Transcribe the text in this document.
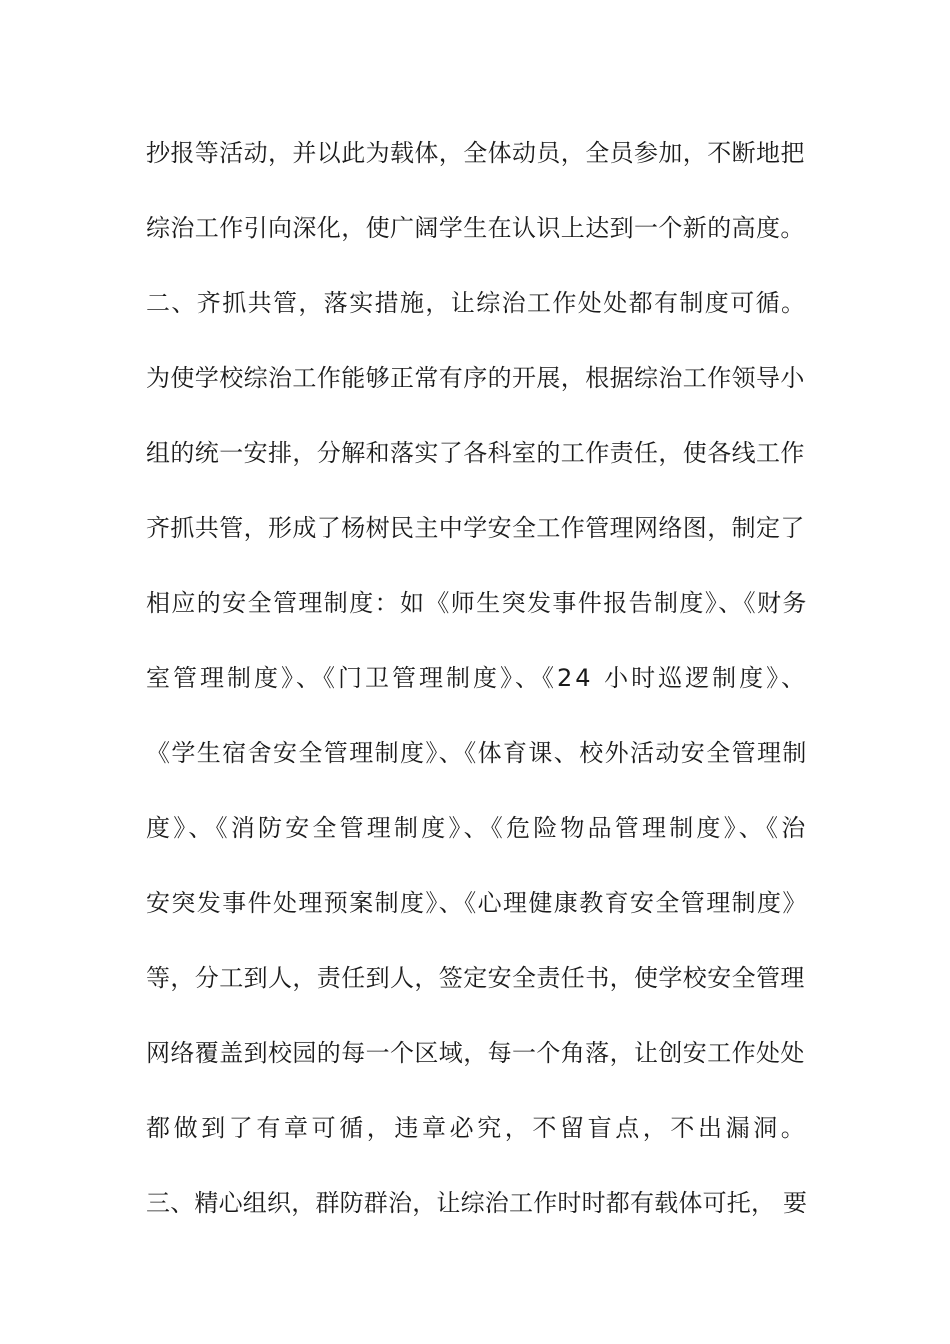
抄报等活动，并以此为载体，全体动员，全员参加，不断地把
综治工作引向深化，使广阔学生在认识上达到一个新的高度。
二、齐抓共管，落实措施，让综治工作处处都有制度可循。
为使学校综治工作能够正常有序的开展，根据综治工作领导小
组的统一安排，分解和落实了各科室的工作责任，使各线工作
齐抓共管，形成了杨树民主中学安全工作管理网络图，制定了
相应的安全管理制度：如《师生突发事件报告制度》、《财务
室管理制度》、《门卫管理制度》、《24 小时巡逻制度》、
《学生宿舍安全管理制度》、《体育课、校外活动安全管理制
度》、《消防安全管理制度》、《危险物品管理制度》、《治
安突发事件处理预案制度》、《心理健康教育安全管理制度》
等，分工到人，责任到人，签定安全责任书，使学校安全管理
网络覆盖到校园的每一个区域，每一个角落，让创安工作处处
都做到了有章可循，违章必究，不留盲点，不出漏洞。
三、精心组织，群防群治，让综治工作时时都有载体可托， 要
